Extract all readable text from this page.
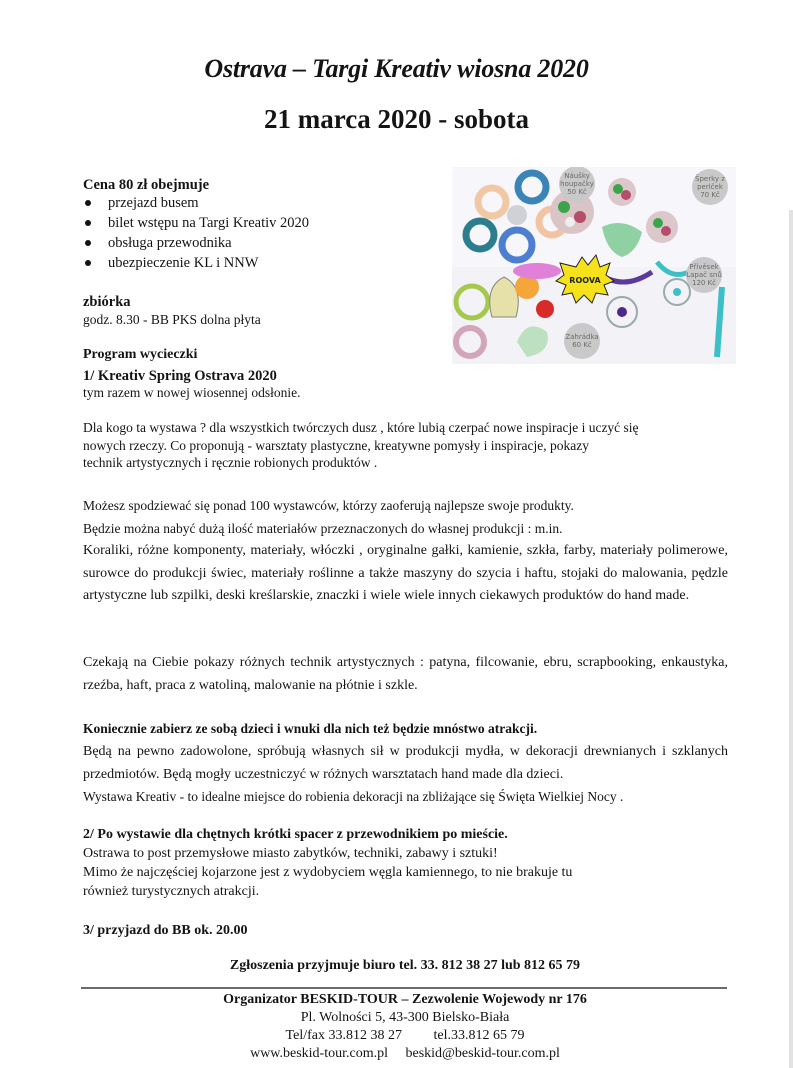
Ostrava – Targi Kreativ wiosna 2020
21 marca 2020 - sobota
Cena 80 zł obejmuje
przejazd busem
bilet wstępu na Targi Kreativ 2020
obsługa przewodnika
ubezpieczenie KL i NNW
zbiórka
godz. 8.30 - BB PKS dolna płyta
Program wycieczki
1/ Kreativ Spring Ostrava 2020
tym razem w nowej wiosennej odsłonie.
ROOVA
Náušky
houpačky
50 Kč
Šperky z
perlček
70 Kč
Přívěsek
Lapač snů
120 Kč
Zahrádka
60 Kč
Dla kogo ta wystawa ? dla wszystkich twórczych dusz , które lubią czerpać nowe inspiracje i uczyć się
nowych rzeczy. Co proponują - warsztaty plastyczne, kreatywne pomysły i inspiracje, pokazy
technik artystycznych i ręcznie robionych produktów .
Możesz spodziewać się ponad 100 wystawców, którzy zaoferują najlepsze swoje produkty.
Będzie można nabyć dużą ilość materiałów przeznaczonych do własnej produkcji : m.in.
Koraliki, różne komponenty, materiały, włóczki , oryginalne gałki, kamienie, szkła, farby, materiały polimerowe, surowce do produkcji świec, materiały roślinne a także maszyny do szycia i haftu, stojaki do malowania, pędzle artystyczne lub szpilki, deski kreślarskie, znaczki i wiele wiele innych ciekawych produktów do hand made.
Czekają na Ciebie pokazy różnych technik artystycznych : patyna, filcowanie, ebru, scrapbooking, enkaustyka, rzeźba, haft, praca z watoliną, malowanie na płótnie i szkle.
Koniecznie zabierz ze sobą dzieci i wnuki dla nich też będzie mnóstwo atrakcji.
Będą na pewno zadowolone, spróbują własnych sił w produkcji mydła, w dekoracji drewnianych i szklanych przedmiotów. Będą mogły uczestniczyć w różnych warsztatach hand made dla dzieci.
Wystawa Kreativ - to idealne miejsce do robienia dekoracji na zbliżające się Święta Wielkiej Nocy .
2/ Po wystawie dla chętnych krótki spacer z przewodnikiem po mieście.
Ostrawa to post przemysłowe miasto zabytków, techniki, zabawy i sztuki!
Mimo że najczęściej kojarzone jest z wydobyciem węgla kamiennego, to nie brakuje tu
również turystycznych atrakcji.
3/ przyjazd do BB ok. 20.00
Zgłoszenia przyjmuje biuro tel. 33. 812 38 27 lub 812 65 79
Organizator BESKID-TOUR – Zezwolenie Wojewody nr 176
Pl. Wolności 5, 43-300 Bielsko-Biała
Tel/fax 33.812 38 27         tel.33.812 65 79
www.beskid-tour.com.pl     beskid@beskid-tour.com.pl
